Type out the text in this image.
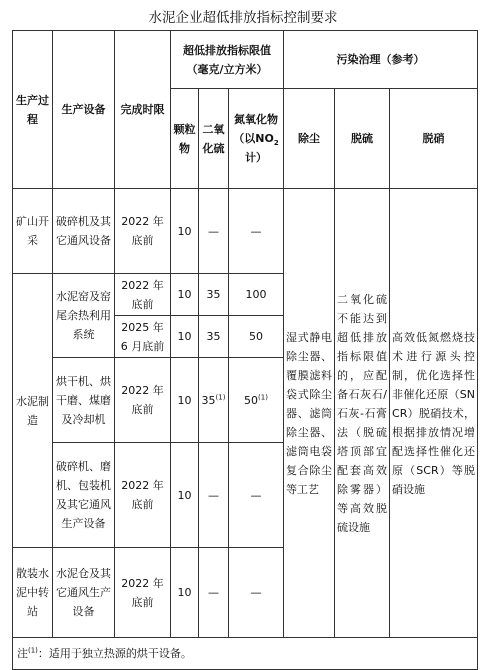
水泥企业超低排放指标控制要求
生产过程	生产设备	完成时限	超低排放指标限值（毫克/立方米）			污染治理（参考）		
			颗粒物	二氧化硫	氮氧化物（以$NO_2$计）	除尘	脱硫	脱硝
矿山开采	破碎机及其它通风设备	2022 年底前	10	—	—	湿式静电除尘器、覆膜滤料袋式除尘器、滤筒除尘器、滤筒电袋复合除尘等工艺	二氧化硫不能达到超低排放指标限值的，应配备石灰石/石灰-石膏法（脱硫塔顶部宜配套高效除雾器）等高效脱硫设施	高效低氮燃烧技术进行源头控制，优化选择性非催化还原（SNCR）脱硝技术，根据排放情况增配选择性催化还原（SCR）等脱硝设施
水泥制造	水泥窑及窑尾余热利用系统	2022 年底前	10	35	100			
		2025 年 6 月底前	10	35	50			
	烘干机、烘干磨、煤磨及冷却机	2022 年底前	10	35$^{(1)}$	50$^{(1)}$
	破碎机、磨机、包装机及其它通风生产设备	2022 年底前	10	—	—			
散装水泥中转站	水泥仓及其它通风生产设备	2022 年底前	10	—	—			
注$^{(1)}$：适用于独立热源的烘干设备。								
